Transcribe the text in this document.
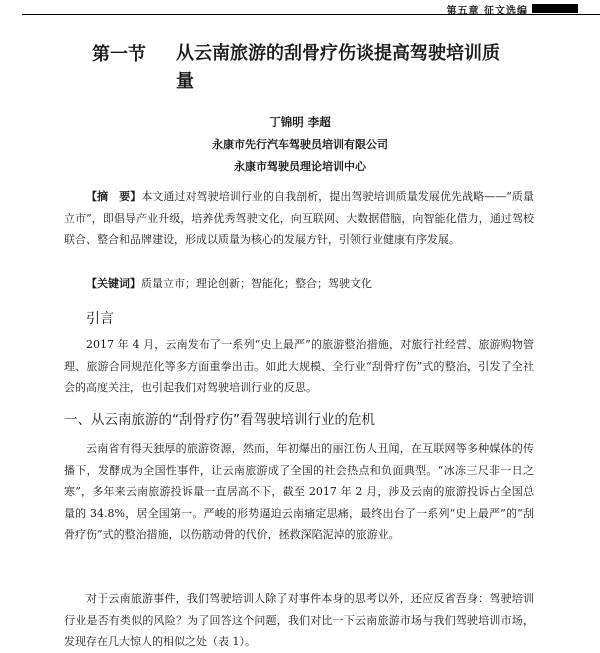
第五章 征文选编
第一节 从云南旅游的刮骨疗伤谈提高驾驶培训质量
丁锦明 李超
永康市先行汽车驾驶员培训有限公司
永康市驾驶员理论培训中心

【摘　要】本文通过对驾驶培训行业的自我剖析，提出驾驶培训质量发展优先战略——“质量立市”，即倡导产业升级，培养优秀驾驶文化，向互联网、大数据借脑，向智能化借力，通过驾校联合、整合和品牌建设，形成以质量为核心的发展方针，引领行业健康有序发展。

【关键词】质量立市；理论创新；智能化；整合；驾驶文化

引言

2017 年 4 月，云南发布了一系列“史上最严”的旅游整治措施，对旅行社经营、旅游购物管理、旅游合同规范化等多方面重拳出击。如此大规模、全行业“刮骨疗伤”式的整治，引发了全社会的高度关注，也引起我们对驾驶培训行业的反思。

一、从云南旅游的“刮骨疗伤”看驾驶培训行业的危机

云南省有得天独厚的旅游资源，然而，年初爆出的丽江伤人丑闻，在互联网等多种媒体的传播下，发酵成为全国性事件，让云南旅游成了全国的社会热点和负面典型。“冰冻三尺非一日之寒”，多年来云南旅游投诉量一直居高不下，截至 2017 年 2 月，涉及云南的旅游投诉占全国总量的 34.8%，居全国第一。严峻的形势逼迫云南痛定思痛，最终出台了一系列“史上最严”的“刮骨疗伤”式的整治措施，以伤筋动骨的代价，拯救深陷泥淖的旅游业。

对于云南旅游事件，我们驾驶培训人除了对事件本身的思考以外，还应反省吾身：驾驶培训行业是否有类似的风险？为了回答这个问题，我们对比一下云南旅游市场与我们驾驶培训市场，发现存在几大惊人的相似之处（表 1）。
